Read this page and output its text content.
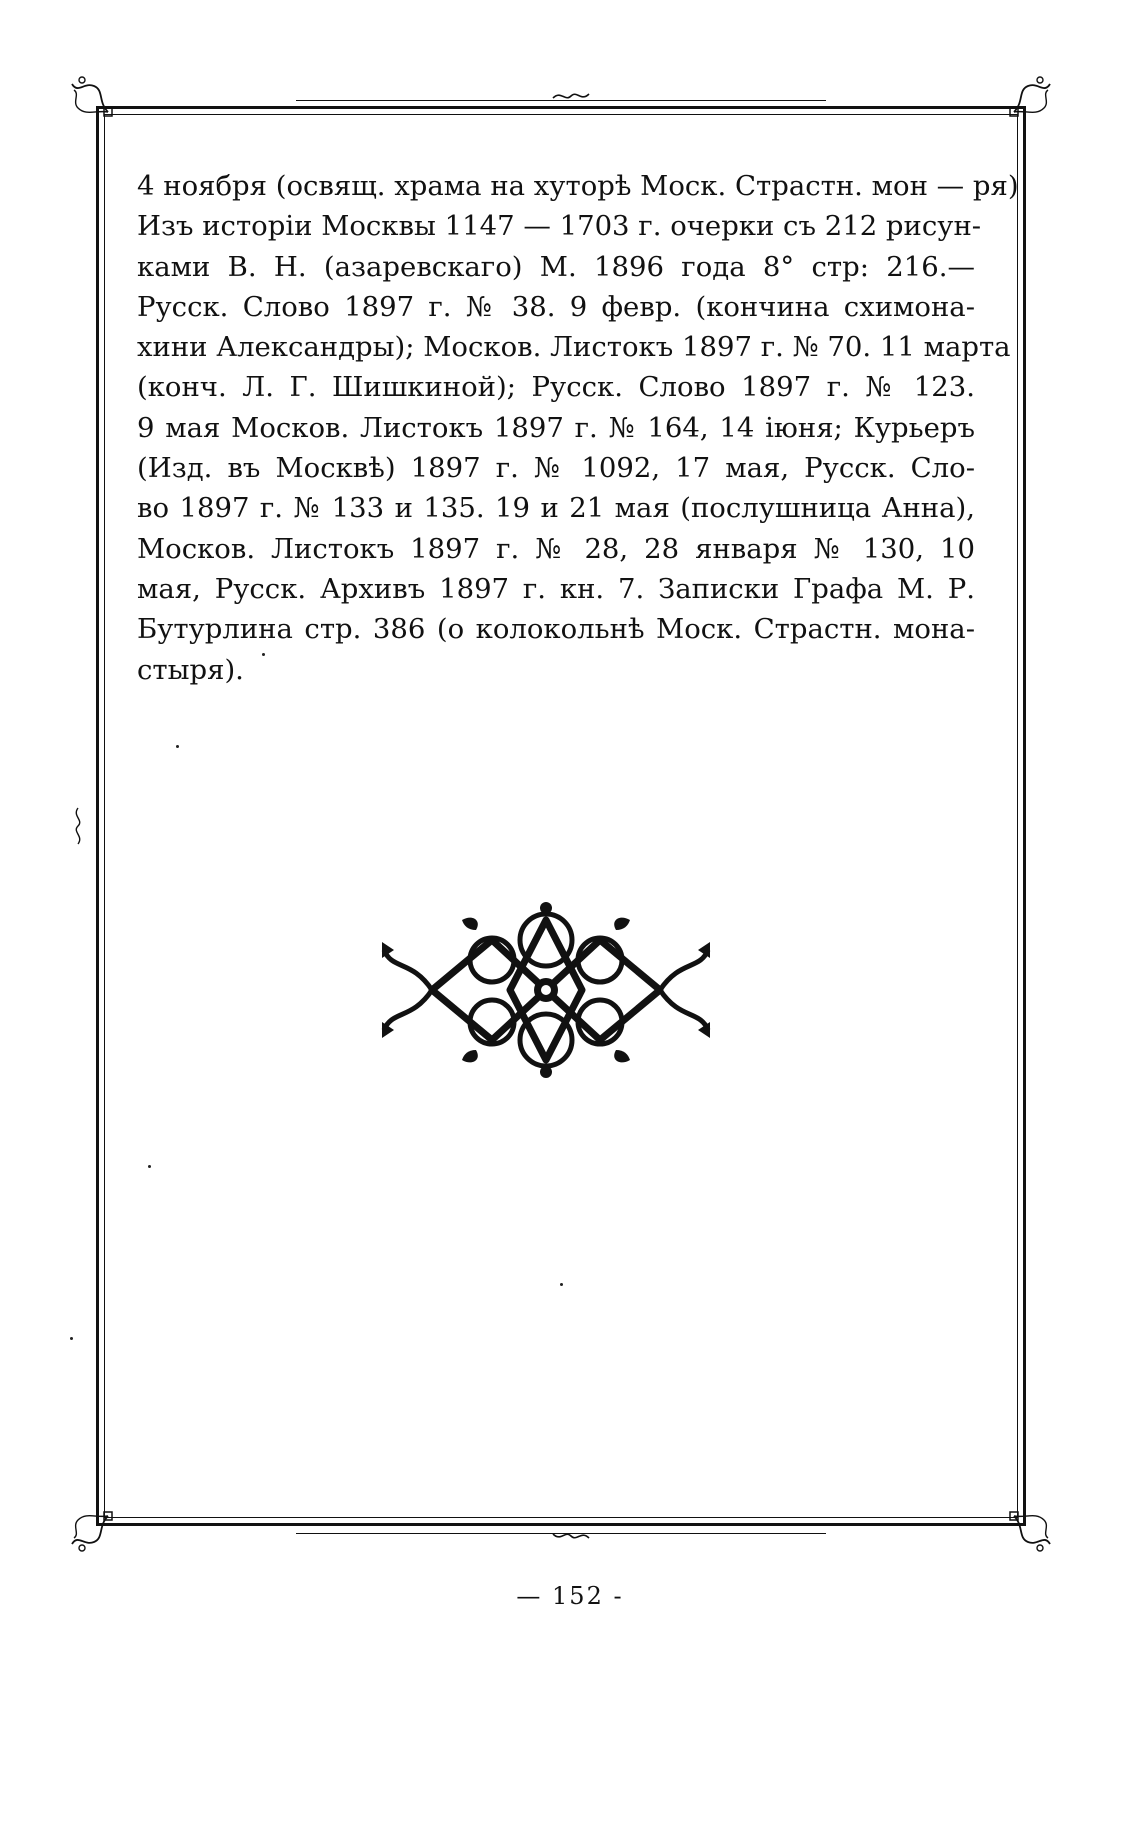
4 ноября (освящ. храма на хуторѣ Моск. Страстн. мон — ря)
Изъ исторіи Москвы 1147 — 1703 г. очерки съ 212 рисун-
ками В. Н. (азаревскаго) М. 1896 года 8° стр: 216.—
Русск. Слово 1897 г. № 38. 9 февр. (кончина схимона-
хини Александры); Москов. Листокъ 1897 г. № 70. 11 марта
(конч. Л. Г. Шишкиной); Русск. Слово 1897 г. № 123.
9 мая Москов. Листокъ 1897 г. № 164, 14 іюня; Курьеръ
(Изд. въ Москвѣ) 1897 г. № 1092, 17 мая, Русск. Сло-
во 1897 г. № 133 и 135. 19 и 21 мая (послушница Анна),
Москов. Листокъ 1897 г. № 28, 28 января № 130, 10
мая, Русск. Архивъ 1897 г. кн. 7. Записки Графа М. Р.
Бутурлина стр. 386 (о колокольнѣ Моск. Страстн. мона-
стыря).
— 152 -
